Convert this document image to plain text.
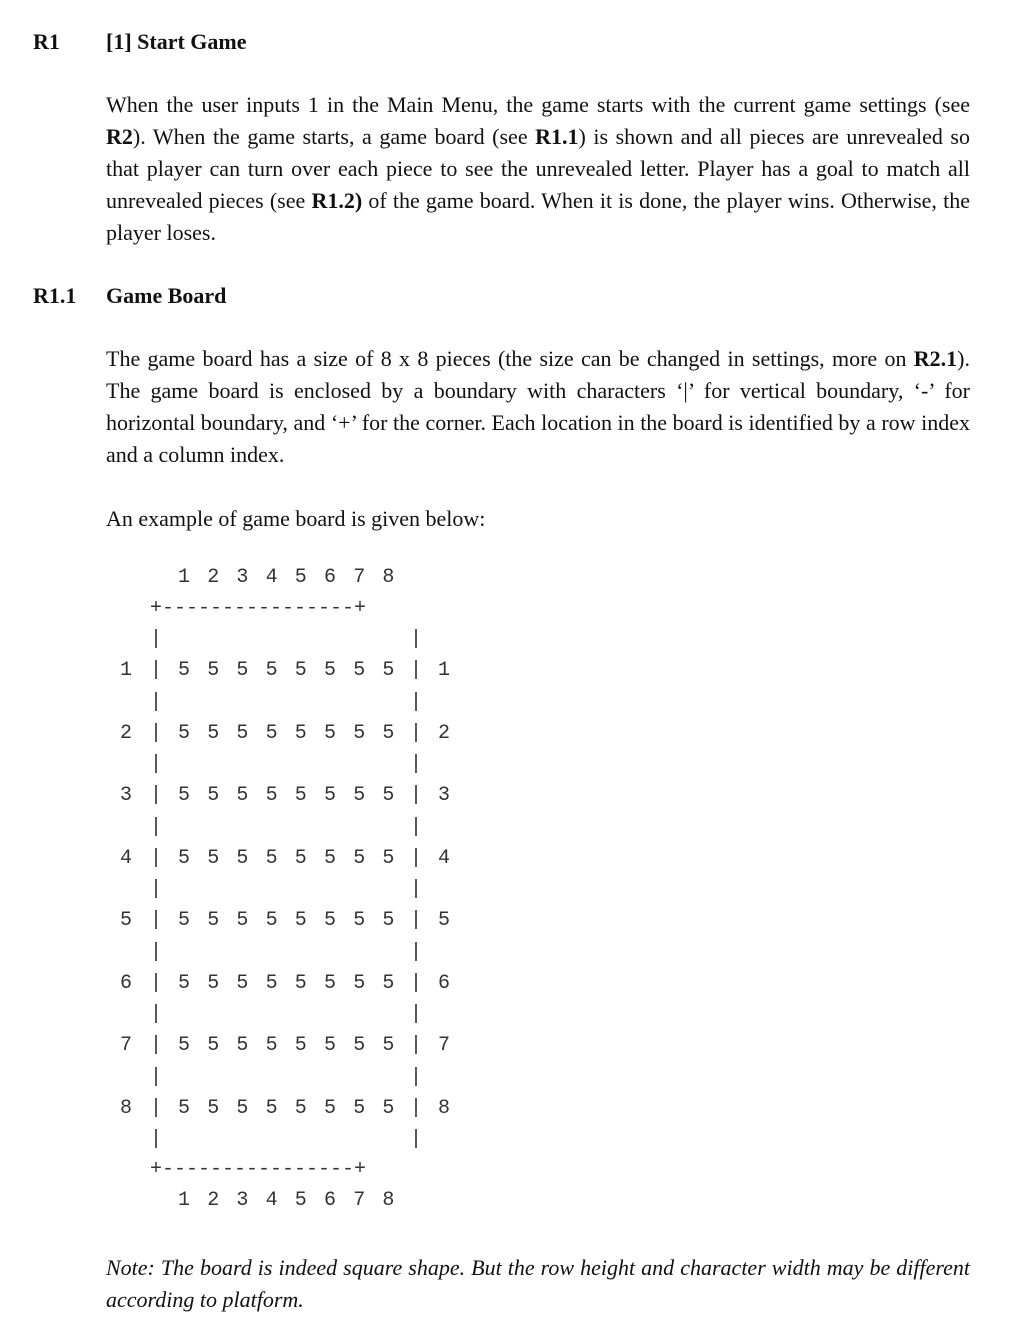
R1 [1] Start Game

When the user inputs 1 in the Main Menu, the game starts with the current game settings (see R2). When the game starts, a game board (see R1.1) is shown and all pieces are unrevealed so that player can turn over each piece to see the unrevealed letter. Player has a goal to match all unrevealed pieces (see R1.2) of the game board. When it is done, the player wins. Otherwise, the player loses.

R1.1 Game Board

The game board has a size of 8 x 8 pieces (the size can be changed in settings, more on R2.1). The game board is enclosed by a boundary with characters ‘|’ for vertical boundary, ‘-’ for horizontal boundary, and ‘+’ for the corner. Each location in the board is identified by a row index and a column index.

An example of game board is given below:

1 2 3 4 5 6 7 8
+----------------+
|	|
1 | 5 5 5 5 5 5 5 5 | 1
|	|
2 | 5 5 5 5 5 5 5 5 | 2
|	|
3 | 5 5 5 5 5 5 5 5 | 3
|	|
4 | 5 5 5 5 5 5 5 5 | 4
|	|
5 | 5 5 5 5 5 5 5 5 | 5
|	|
6 | 5 5 5 5 5 5 5 5 | 6
|	|
7 | 5 5 5 5 5 5 5 5 | 7
|	|
8 | 5 5 5 5 5 5 5 5 | 8
|	|
+----------------+
1 2 3 4 5 6 7 8

Note: The board is indeed square shape. But the row height and character width may be different according to platform.
